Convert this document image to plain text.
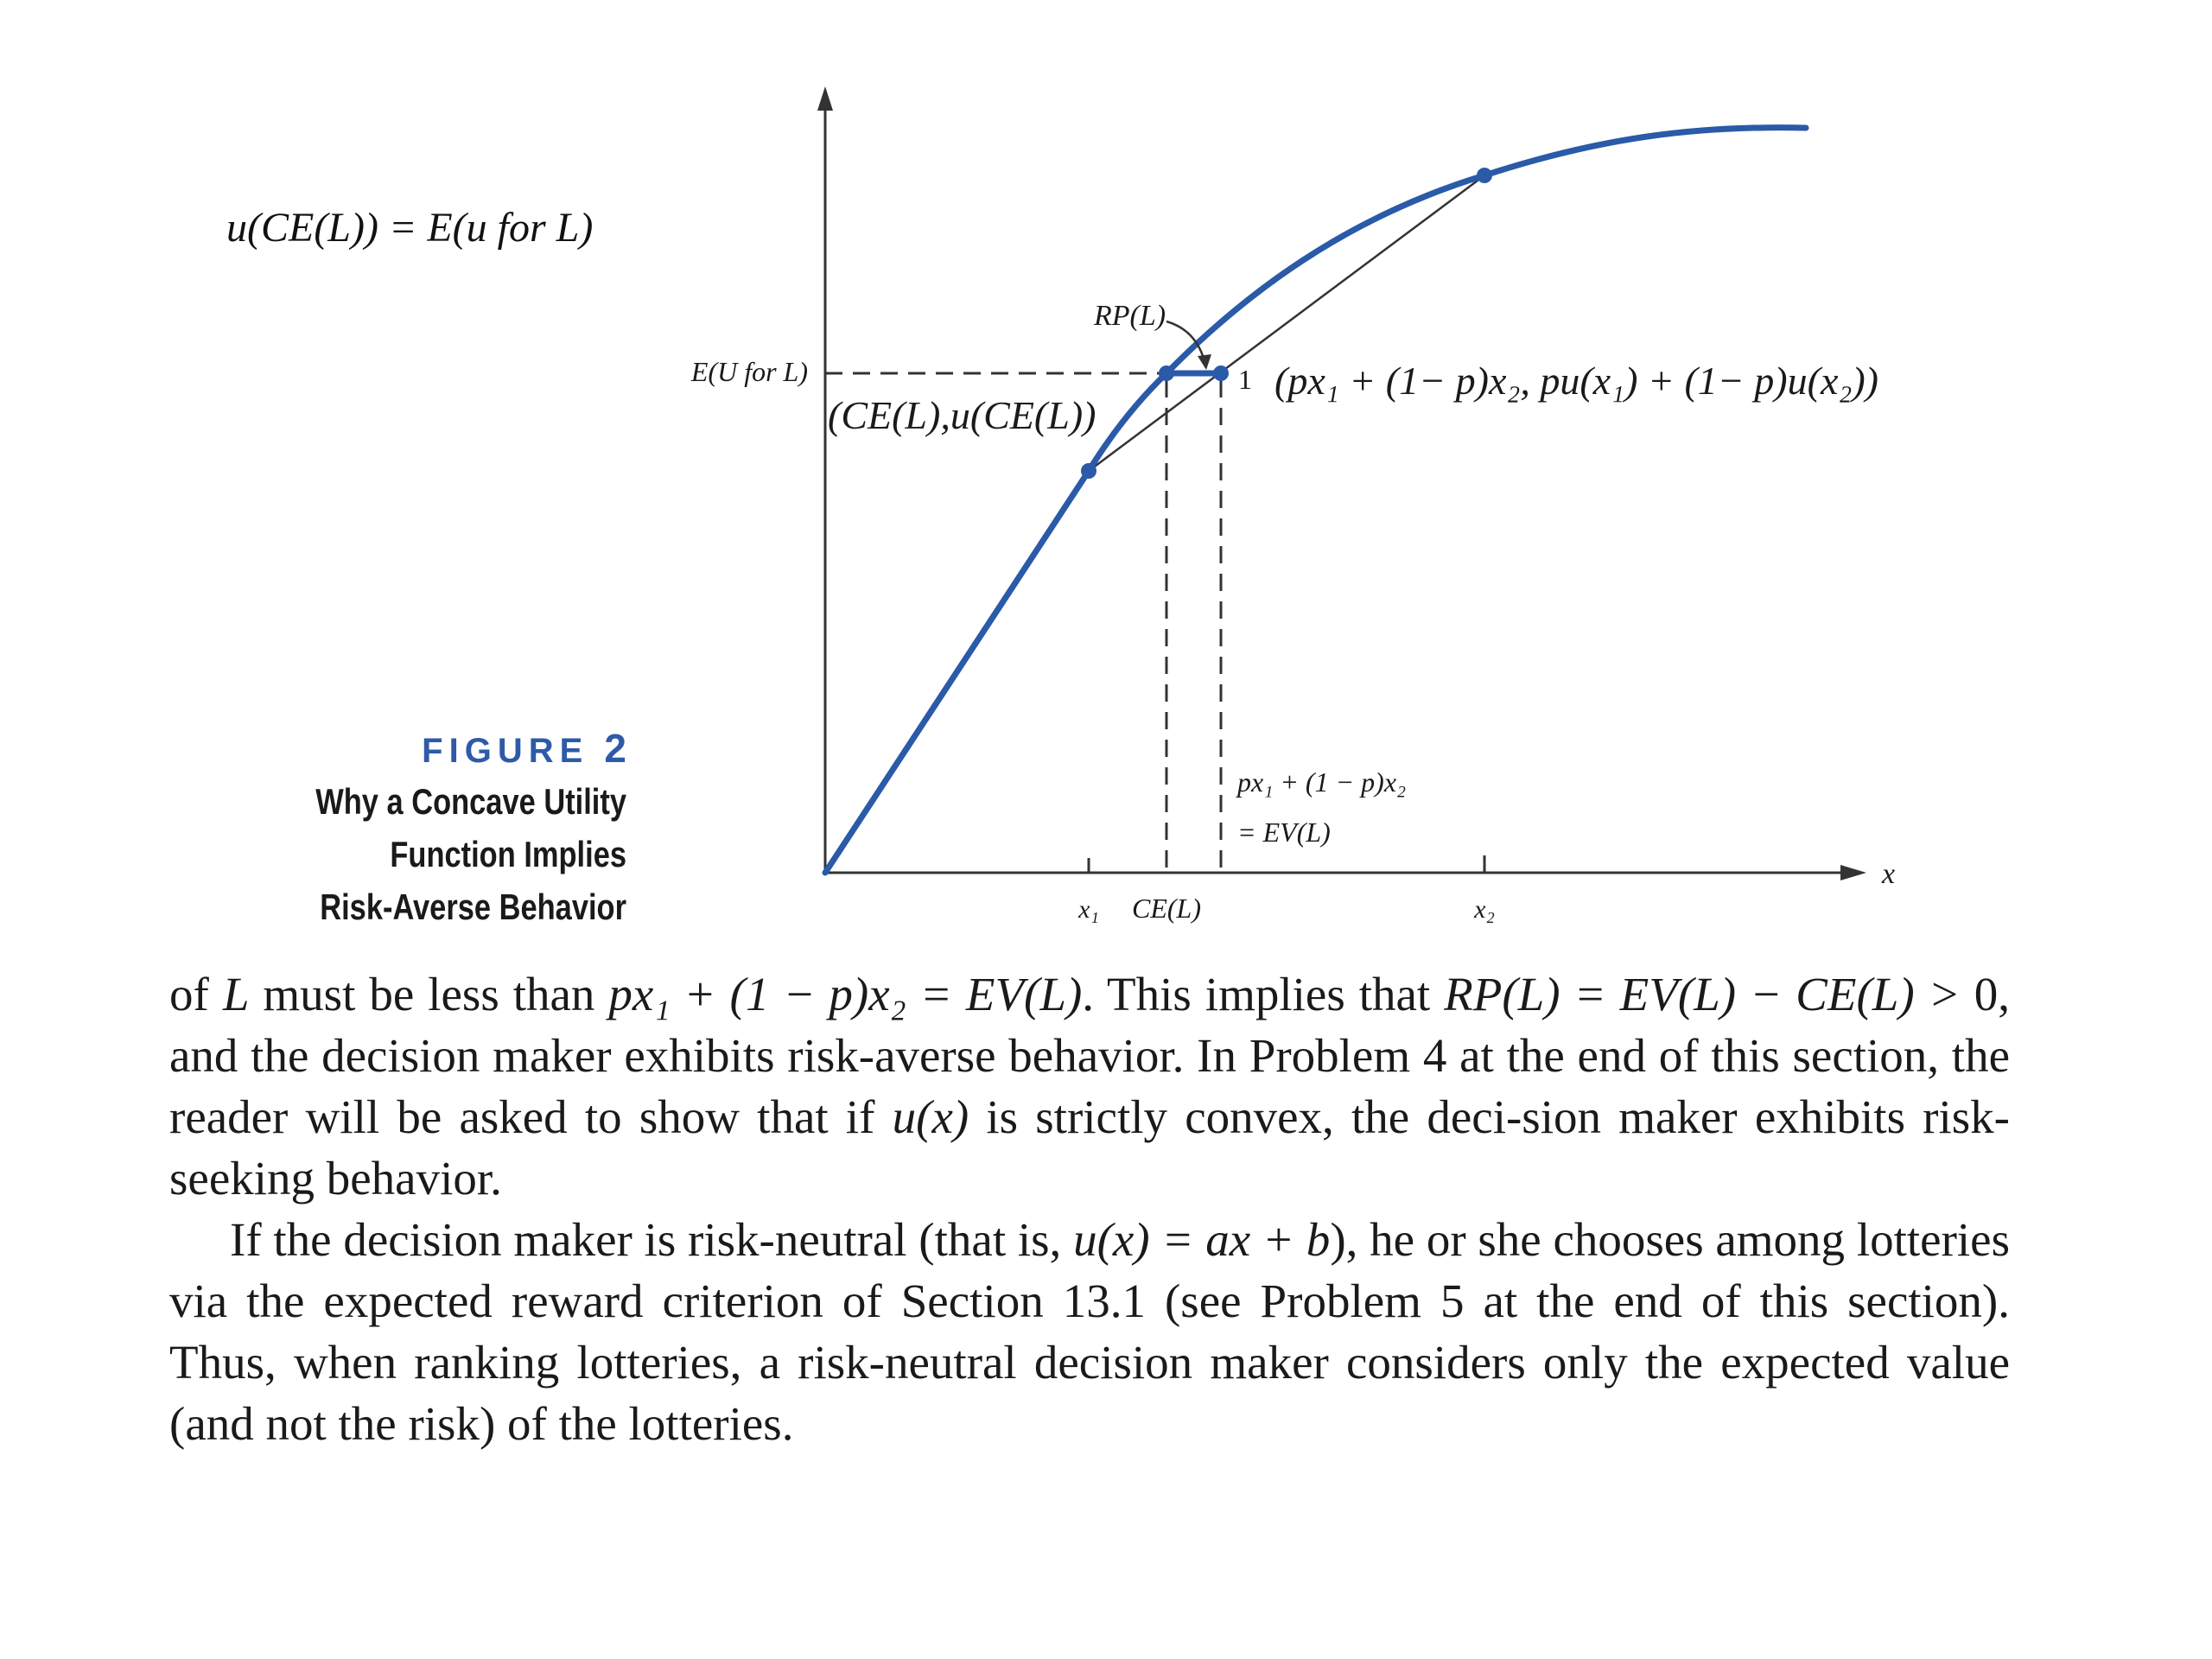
E(U for L)
RP(L)
(CE(L),u(CE(L))
1 (px₁ + (1− p)x₂, pu(x₁) + (1− p)u(x₂))
px₁ + (1 − p)x₂
= EV(L)
x
x₁ CE(L)	x₂
u(CE(L)) = E(u for L)
FIGURE 2
Why a Concave Utility
Function Implies
Risk-Averse Behavior

of L must be less than px₁ + (1 − p)x₂ = EV(L). This implies that RP(L) = EV(L) − CE(L) > 0, and the decision maker exhibits risk-averse behavior. In Problem 4 at the end of this section, the reader will be asked to show that if u(x) is strictly convex, the deci-sion maker exhibits risk-seeking behavior.

If the decision maker is risk-neutral (that is, u(x) = ax + b), he or she chooses among lotteries via the expected reward criterion of Section 13.1 (see Problem 5 at the end of this section). Thus, when ranking lotteries, a risk-neutral decision maker considers only the expected value (and not the risk) of the lotteries.
